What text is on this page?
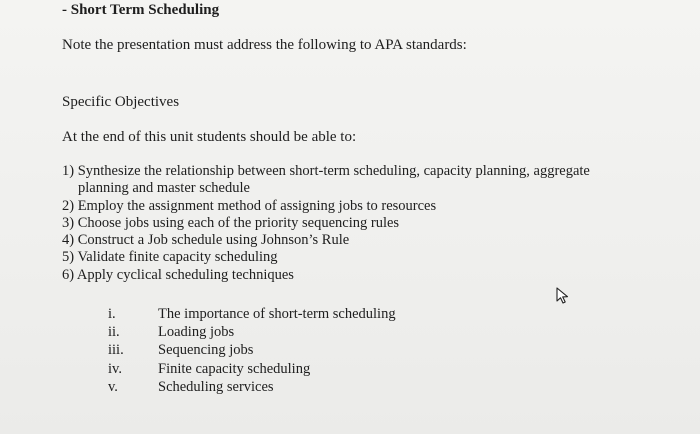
- Short Term Scheduling
Note the presentation must address the following to APA standards:
Specific Objectives
At the end of this unit students should be able to:
1) Synthesize the relationship between short-term scheduling, capacity planning, aggregate
planning and master schedule
2) Employ the assignment method of assigning jobs to resources
3) Choose jobs using each of the priority sequencing rules
4) Construct a Job schedule using Johnson’s Rule
5) Validate finite capacity scheduling
6) Apply cyclical scheduling techniques
i.	The importance of short-term scheduling
ii.	Loading jobs
iii.	Sequencing jobs
iv.	Finite capacity scheduling
v.	Scheduling services
